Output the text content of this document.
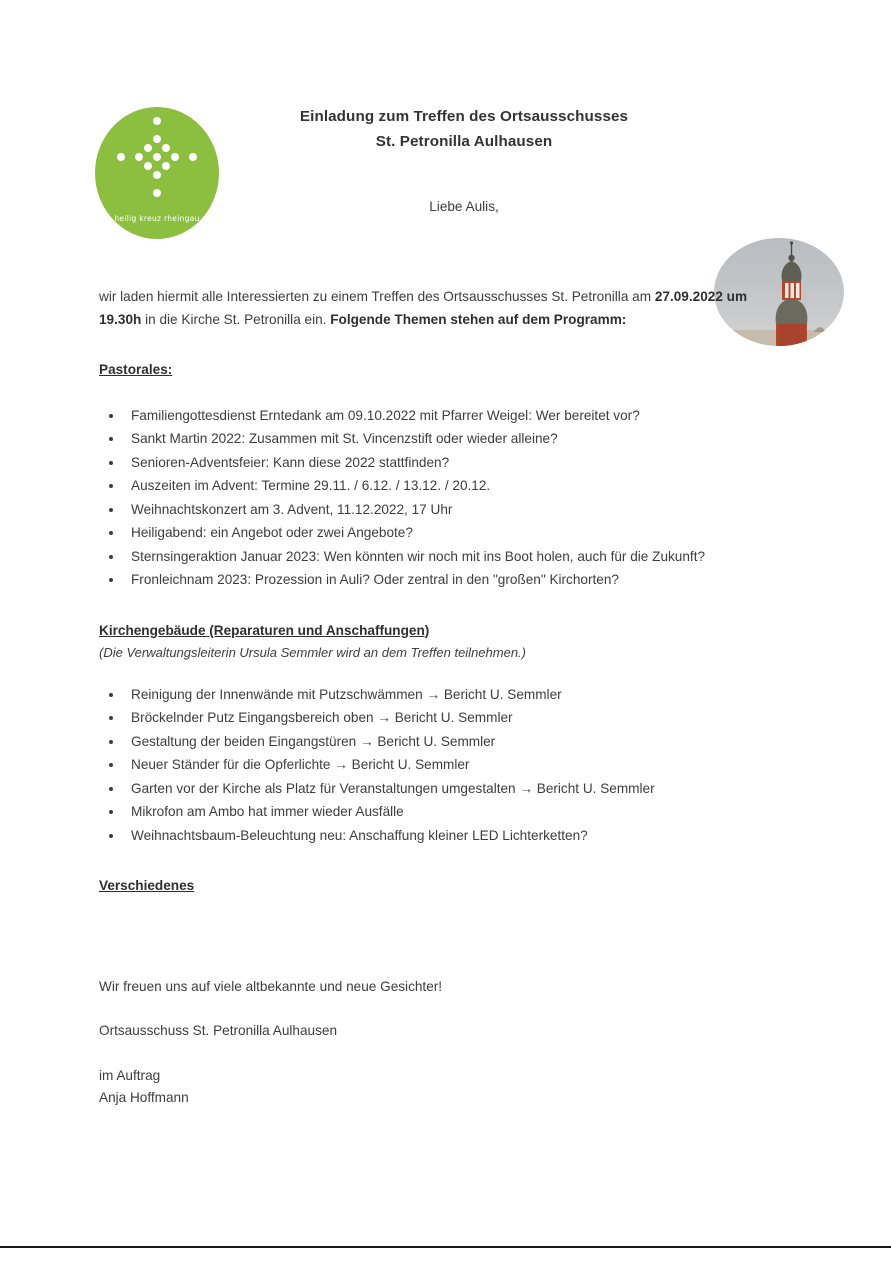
heilig kreuz rheingau
Einladung zum Treffen des Ortsausschusses
St. Petronilla Aulhausen
Liebe Aulis,

wir laden hiermit alle Interessierten zu einem Treffen des Ortsausschusses St. Petronilla am 27.09.2022 um 19.30h in die Kirche St. Petronilla ein. Folgende Themen stehen auf dem Programm:

Pastorales:
Familiengottesdienst Erntedank am 09.10.2022 mit Pfarrer Weigel: Wer bereitet vor?
Sankt Martin 2022: Zusammen mit St. Vincenzstift oder wieder alleine?
Senioren-Adventsfeier: Kann diese 2022 stattfinden?
Auszeiten im Advent: Termine 29.11. / 6.12. / 13.12. / 20.12.
Weihnachtskonzert am 3. Advent, 11.12.2022, 17 Uhr
Heiligabend: ein Angebot oder zwei Angebote?
Sternsingeraktion Januar 2023: Wen könnten wir noch mit ins Boot holen, auch für die Zukunft?
Fronleichnam 2023: Prozession in Auli? Oder zentral in den "großen" Kirchorten?
Kirchengebäude (Reparaturen und Anschaffungen)
(Die Verwaltungsleiterin Ursula Semmler wird an dem Treffen teilnehmen.)
Reinigung der Innenwände mit Putzschwämmen → Bericht U. Semmler
Bröckelnder Putz Eingangsbereich oben → Bericht U. Semmler
Gestaltung der beiden Eingangstüren → Bericht U. Semmler
Neuer Ständer für die Opferlichte → Bericht U. Semmler
Garten vor der Kirche als Platz für Veranstaltungen umgestalten → Bericht U. Semmler
Mikrofon am Ambo hat immer wieder Ausfälle
Weihnachtsbaum-Beleuchtung neu: Anschaffung kleiner LED Lichterketten?
Verschiedenes

Wir freuen uns auf viele altbekannte und neue Gesichter!

Ortsausschuss St. Petronilla Aulhausen

im Auftrag

Anja Hoffmann
